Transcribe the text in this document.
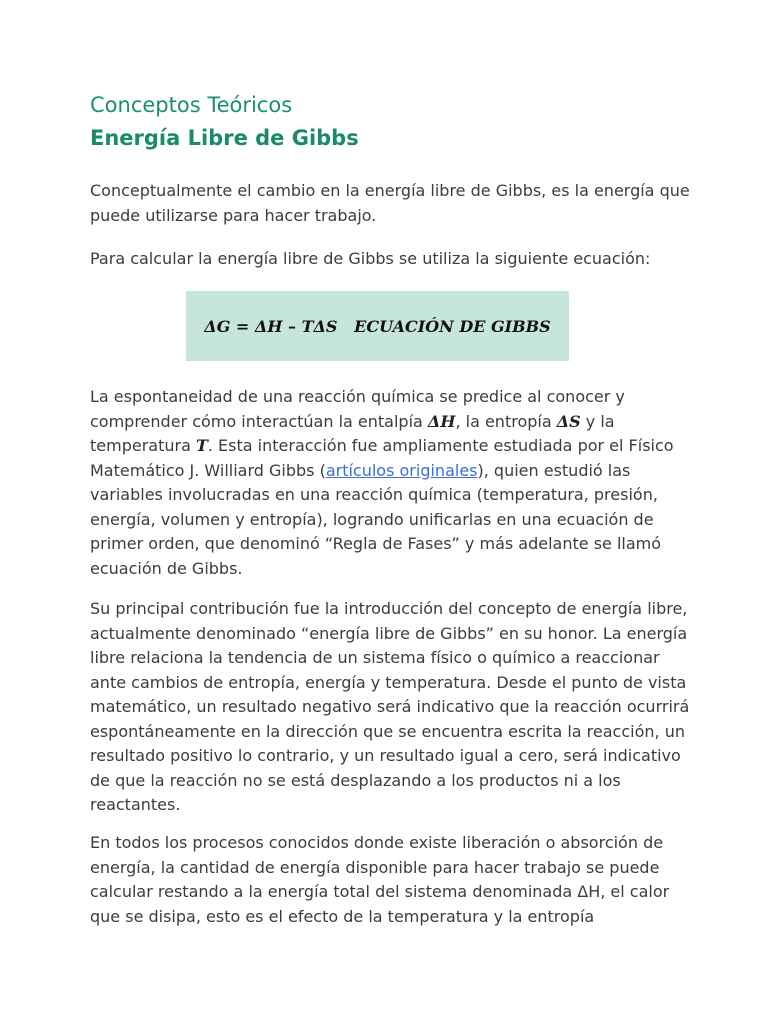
Conceptos Teóricos
Energía Libre de Gibbs

Conceptualmente el cambio en la energía libre de Gibbs, es la energía que puede utilizarse para hacer trabajo.

Para calcular la energía libre de Gibbs se utiliza la siguiente ecuación:

ΔG = ΔH – TΔS ECUACIÓN DE GIBBS

La espontaneidad de una reacción química se predice al conocer y comprender cómo interactúan la entalpía ΔH, la entropía ΔS y la temperatura T. Esta interacción fue ampliamente estudiada por el Físico Matemático J. Williard Gibbs (artículos originales), quien estudió las variables involucradas en una reacción química (temperatura, presión, energía, volumen y entropía), logrando unificarlas en una ecuación de primer orden, que denominó “Regla de Fases” y más adelante se llamó ecuación de Gibbs.

Su principal contribución fue la introducción del concepto de energía libre, actualmente denominado “energía libre de Gibbs” en su honor. La energía libre relaciona la tendencia de un sistema físico o químico a reaccionar ante cambios de entropía, energía y temperatura. Desde el punto de vista matemático, un resultado negativo será indicativo que la reacción ocurrirá espontáneamente en la dirección que se encuentra escrita la reacción, un resultado positivo lo contrario, y un resultado igual a cero, será indicativo de que la reacción no se está desplazando a los productos ni a los reactantes.

En todos los procesos conocidos donde existe liberación o absorción de energía, la cantidad de energía disponible para hacer trabajo se puede calcular restando a la energía total del sistema denominada ΔH, el calor que se disipa, esto es el efecto de la temperatura y la entropía
